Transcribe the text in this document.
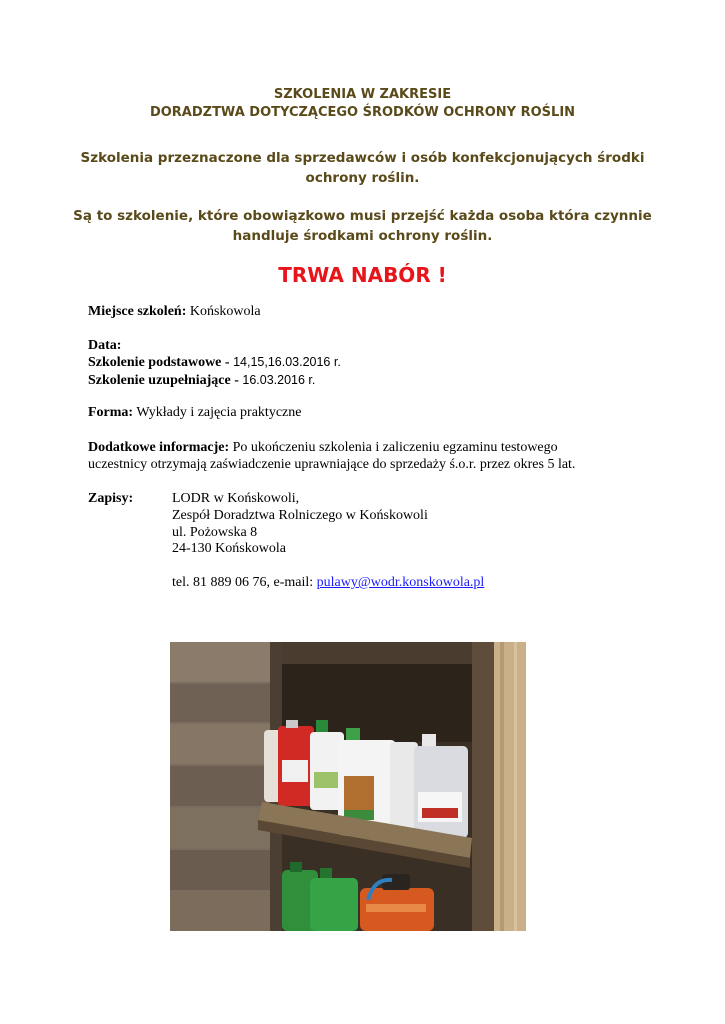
SZKOLENIA W ZAKRESIE
DORADZTWA DOTYCZĄCEGO ŚRODKÓW OCHRONY ROŚLIN
Szkolenia przeznaczone dla sprzedawców i osób konfekcjonujących środki
ochrony roślin.
Są to szkolenie, które obowiązkowo musi przejść każda osoba która czynnie
handluje środkami ochrony roślin.
TRWA NABÓR !
Miejsce szkoleń: Końskowola
Data:
Szkolenie podstawowe - 14,15,16.03.2016 r.
Szkolenie uzupełniające - 16.03.2016 r.
Forma: Wykłady i zajęcia praktyczne
Dodatkowe informacje: Po ukończeniu szkolenia i zaliczeniu egzaminu testowego
uczestnicy otrzymają zaświadczenie uprawniające do sprzedaży ś.o.r. przez okres 5 lat.
Zapisy:	LODR w Końskowoli,
Zespół Doradztwa Rolniczego w Końskowoli
ul. Pożowska 8
24-130 Końskowola
tel. 81 889 06 76, e-mail: pulawy@wodr.konskowola.pl
